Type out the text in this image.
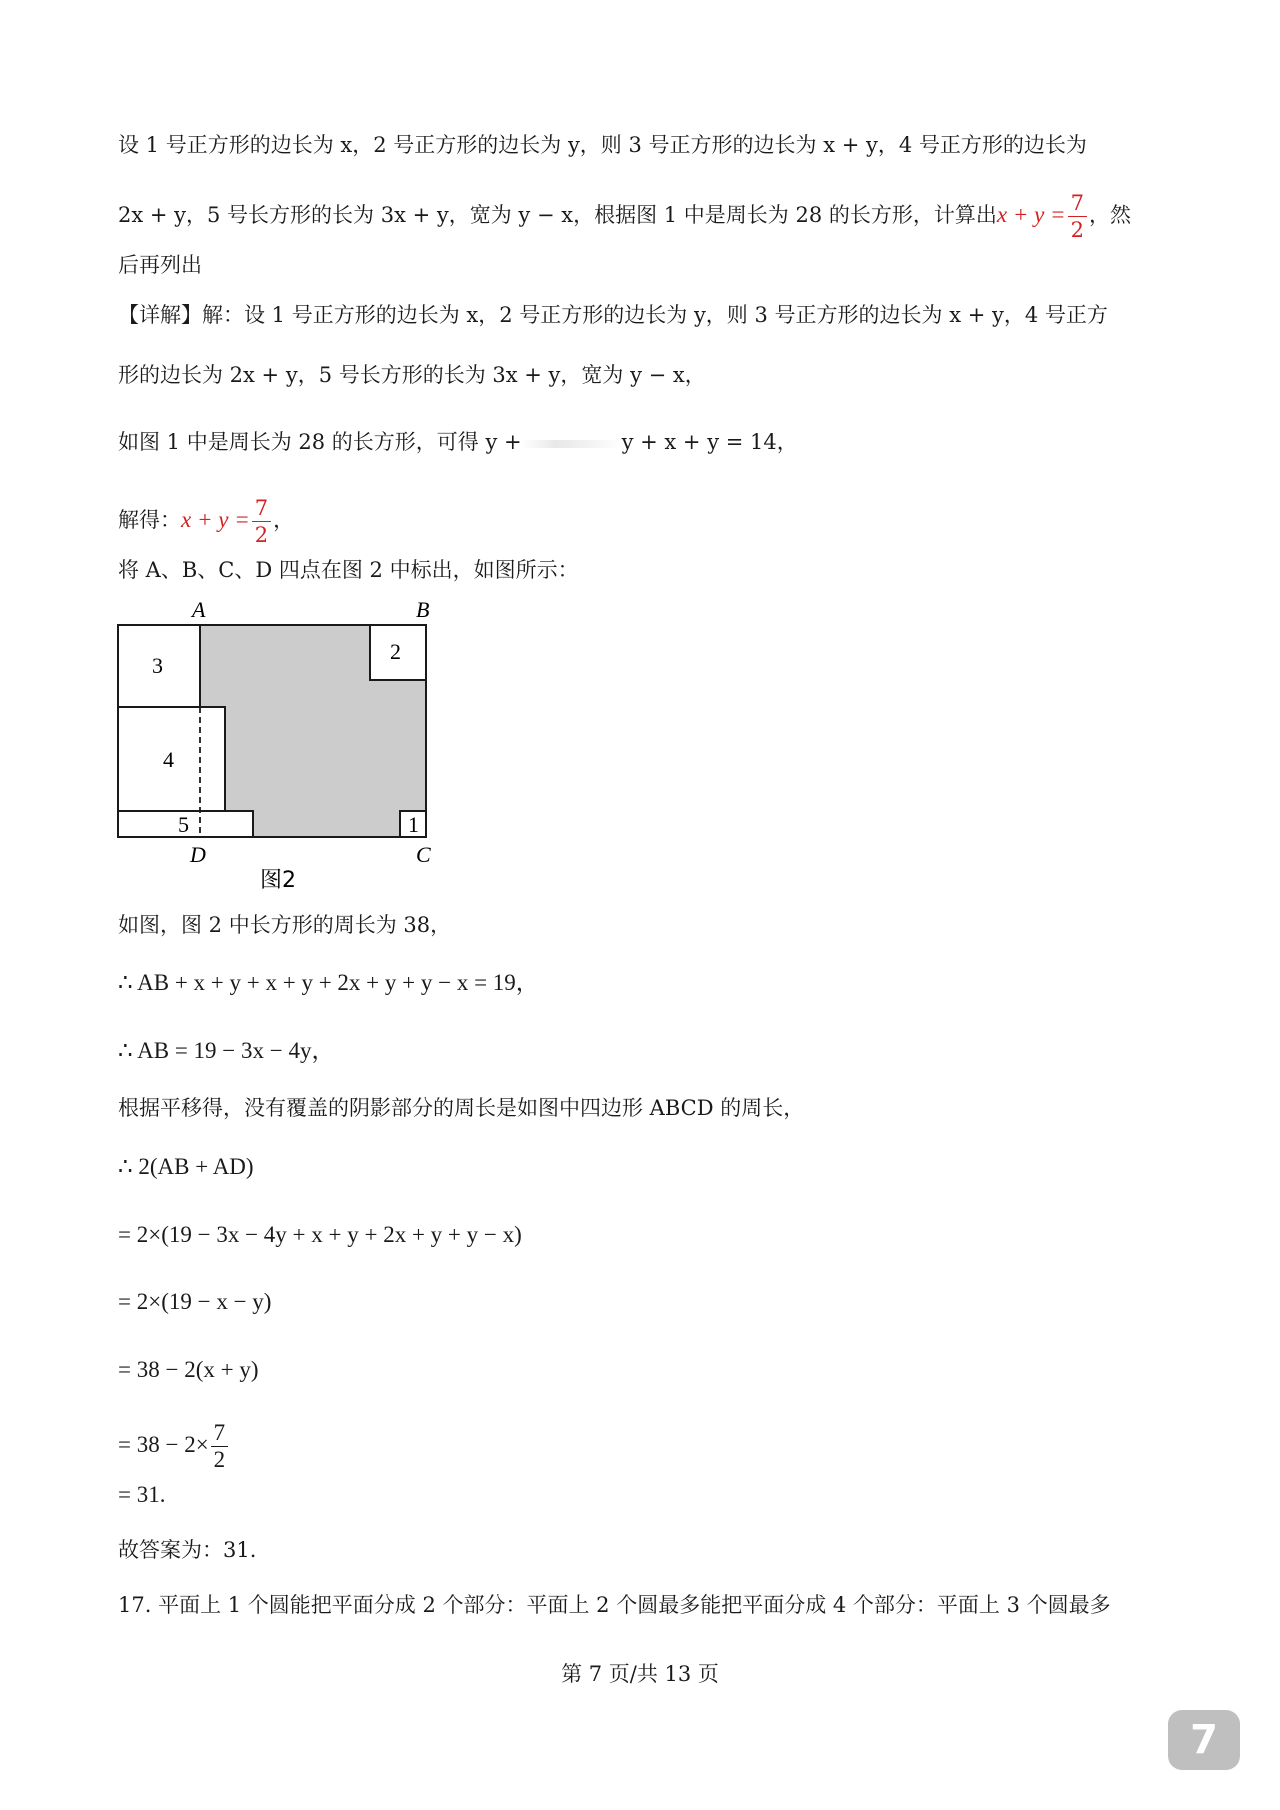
设 1 号正方形的边长为 x，2 号正方形的边长为 y，则 3 号正方形的边长为 x + y，4 号正方形的边长为
2x + y，5 号长方形的长为 3x + y，宽为 y − x，根据图 1 中是周长为 28 的长方形，计算出$x + y = \frac{7}{2}$ ，然
后再列出
【详解】解：设 1 号正方形的边长为 x，2 号正方形的边长为 y，则 3 号正方形的边长为 x + y，4 号正方
形的边长为 2x + y，5 号长方形的长为 3x + y，宽为 y − x，
如图 1 中是周长为 28 的长方形，可得 y +	y + x + y = 14，
解得：$x + y = \frac{7}{2}$ ，
将 A、B、C、D 四点在图 2 中标出，如图所示：
3
2
4
5	1
A	B
C
D
图2
如图，图 2 中长方形的周长为 38，
∴ AB + x + y + x + y + 2x + y + y − x = 19，
∴ AB = 19 − 3x − 4y，
根据平移得，没有覆盖的阴影部分的周长是如图中四边形 ABCD 的周长，
∴ 2(AB + AD)
= 2×(19 − 3x − 4y + x + y + 2x + y + y − x)
= 2×(19 − x − y)
= 38 − 2(x + y)
= $38 - 2\times \frac{7}{2}$
= 31.
故答案为：31.
17. 平面上 1 个圆能把平面分成 2 个部分：平面上 2 个圆最多能把平面分成 4 个部分：平面上 3 个圆最多
第 7 页/共 13 页
7
